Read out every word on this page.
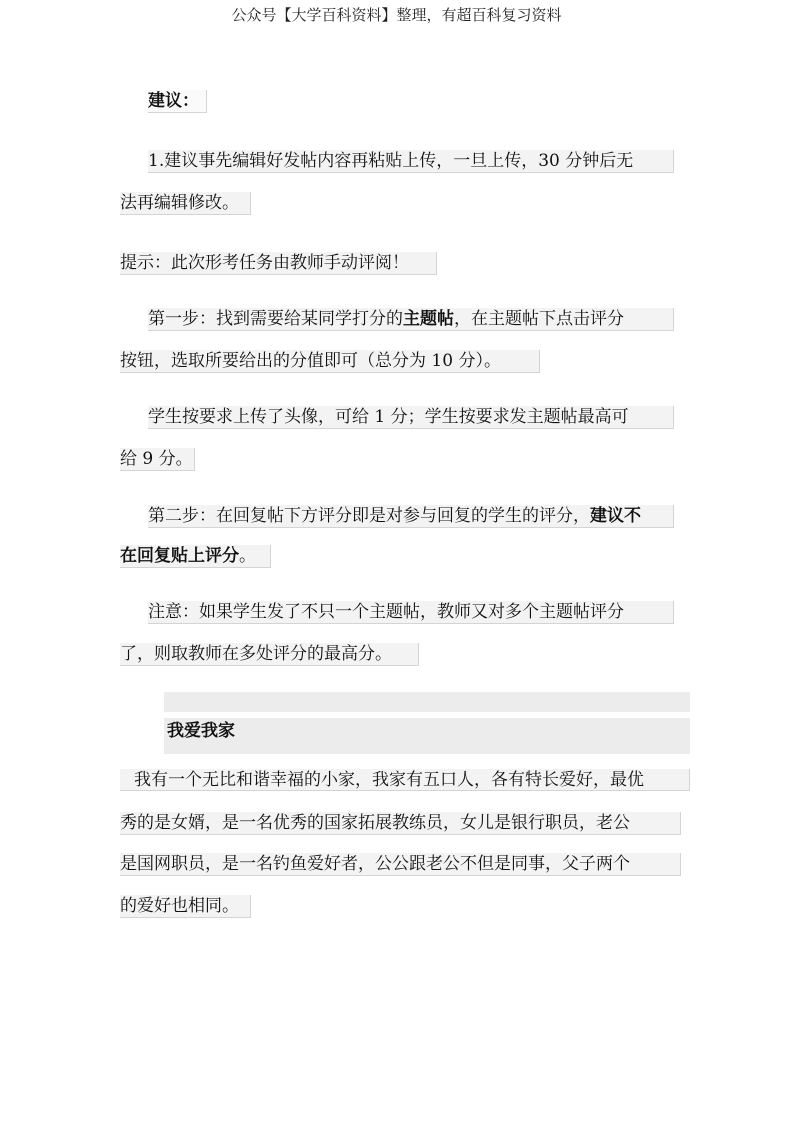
公众号【大学百科资料】整理，有超百科复习资料
建议：
1.建议事先编辑好发帖内容再粘贴上传，一旦上传，30 分钟后无
法再编辑修改。
提示：此次形考任务由教师手动评阅！
第一步：找到需要给某同学打分的主题帖，在主题帖下点击评分
按钮，选取所要给出的分值即可（总分为 10 分）。
学生按要求上传了头像，可给 1 分；学生按要求发主题帖最高可
给 9 分。
第二步：在回复帖下方评分即是对参与回复的学生的评分，建议不
在回复贴上评分。
注意：如果学生发了不只一个主题帖，教师又对多个主题帖评分
了，则取教师在多处评分的最高分。
我爱我家
我有一个无比和谐幸福的小家，我家有五口人，各有特长爱好，最优
秀的是女婿，是一名优秀的国家拓展教练员，女儿是银行职员，老公
是国网职员，是一名钓鱼爱好者，公公跟老公不但是同事，父子两个
的爱好也相同。
